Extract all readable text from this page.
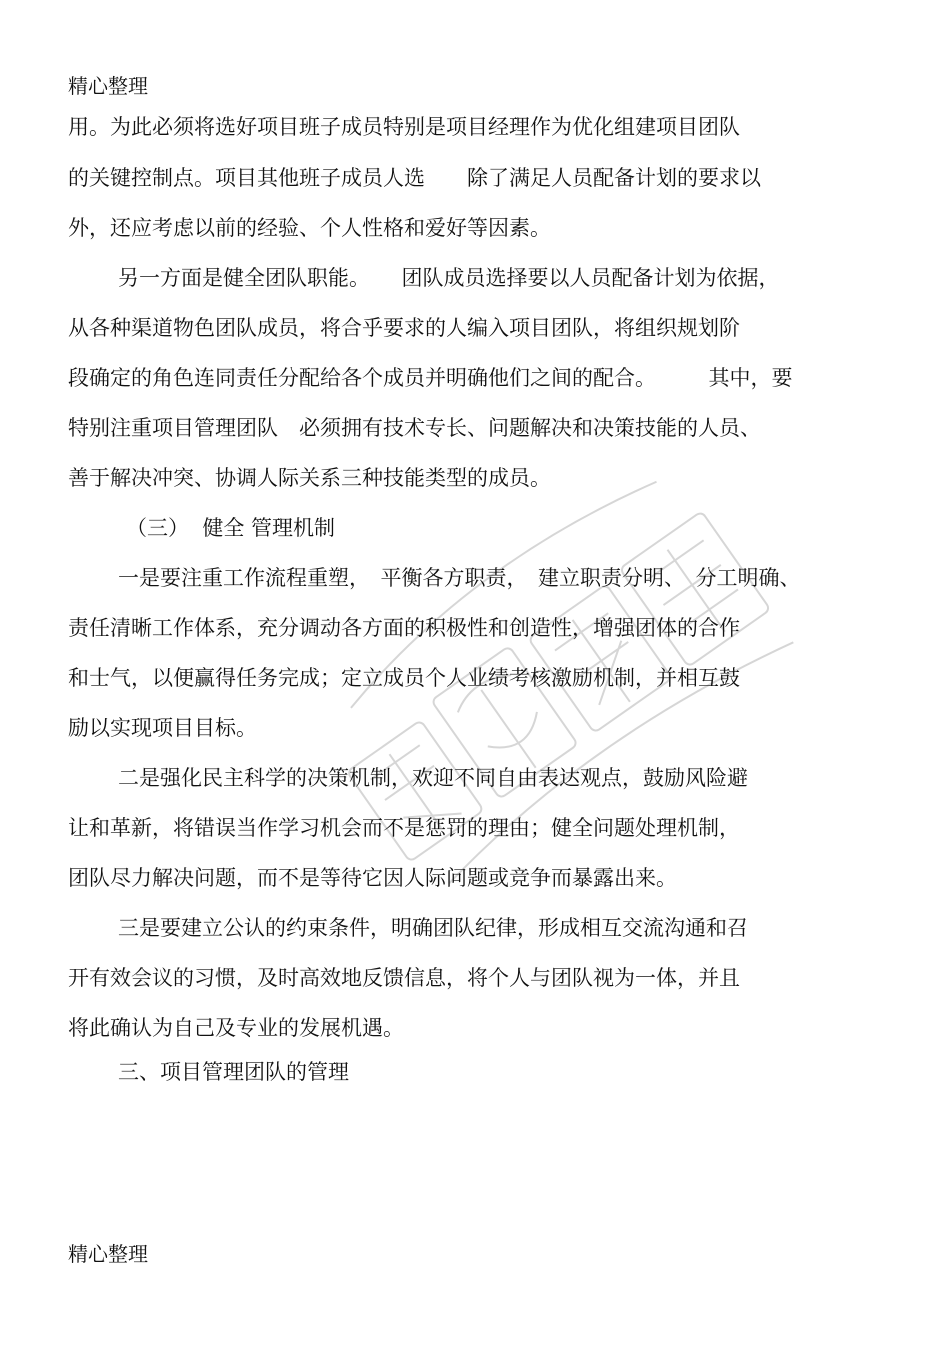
精心整理
用。为此必须将选好项目班子成员特别是项目经理作为优化组建项目团队
的关键控制点。项目其他班子成员人选　　除了满足人员配备计划的要求以
外，还应考虑以前的经验、个人性格和爱好等因素。
另一方面是健全团队职能。　　团队成员选择要以人员配备计划为依据，
从各种渠道物色团队成员，将合乎要求的人编入项目团队，将组织规划阶
段确定的角色连同责任分配给各个成员并明确他们之间的配合。　　　其中，要
特别注重项目管理团队　必须拥有技术专长、问题解决和决策技能的人员、
善于解决冲突、协调人际关系三种技能类型的成员。
（三）  健全 管理机制
一是要注重工作流程重塑，　平衡各方职责，　建立职责分明、　分工明确、
责任清晰工作体系，充分调动各方面的积极性和创造性，增强团体的合作
和士气，以便赢得任务完成；定立成员个人业绩考核激励机制，并相互鼓
励以实现项目目标。
二是强化民主科学的决策机制，欢迎不同自由表达观点，鼓励风险避
让和革新，将错误当作学习机会而不是惩罚的理由；健全问题处理机制，
团队尽力解决问题，而不是等待它因人际问题或竞争而暴露出来。
三是要建立公认的约束条件，明确团队纪律，形成相互交流沟通和召
开有效会议的习惯，及时高效地反馈信息，将个人与团队视为一体，并且
将此确认为自己及专业的发展机遇。
三、项目管理团队的管理
精心整理
